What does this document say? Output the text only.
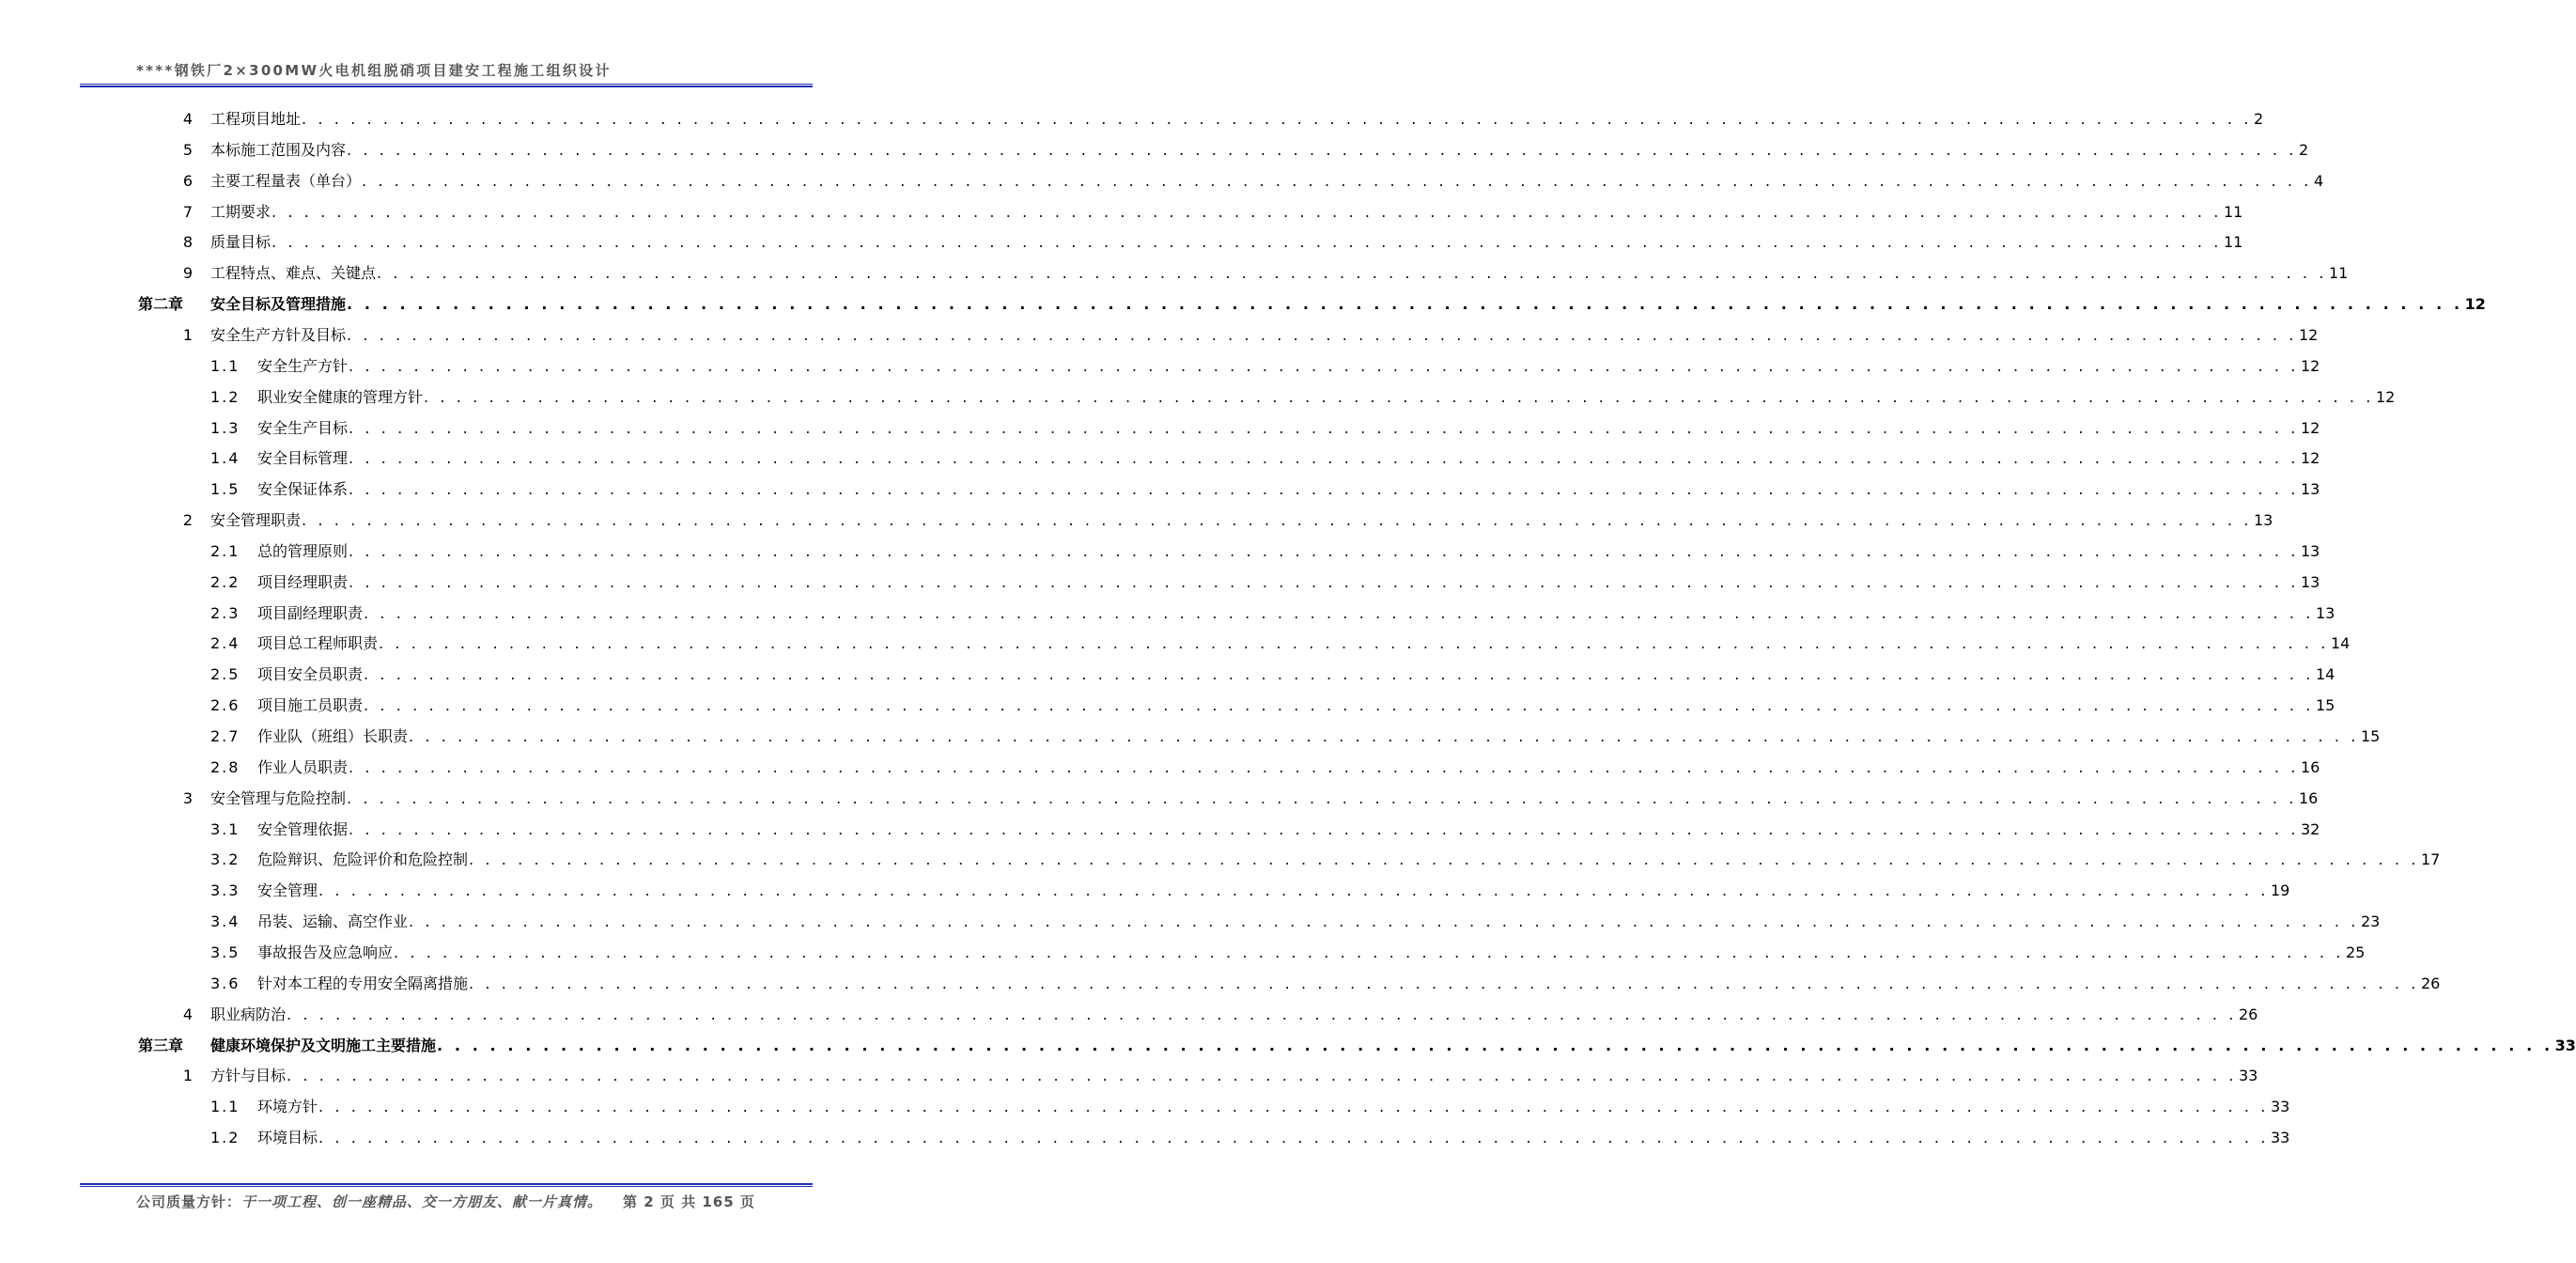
****钢铁厂2×300MW火电机组脱硝项目建安工程施工组织设计
4 工程项目地址 . . . . . . . . . . . . . . . . . . . . . . . . . . . . . . . . . . . . . . . . . . . . . . . . . . . . . . . . . . . . . . . . . . . . . . . . . . . . . . . . . . . . . . . . . . . . . . . . . . . . . . . . . . . . . . . . . . . . . . . . 2
5 本标施工范围及内容 . . . . . . . . . . . . . . . . . . . . . . . . . . . . . . . . . . . . . . . . . . . . . . . . . . . . . . . . . . . . . . . . . . . . . . . . . . . . . . . . . . . . . . . . . . . . . . . . . . . . . . . . . . . . . . . . . . . . . . . . 2
6 主要工程量表（单台） . . . . . . . . . . . . . . . . . . . . . . . . . . . . . . . . . . . . . . . . . . . . . . . . . . . . . . . . . . . . . . . . . . . . . . . . . . . . . . . . . . . . . . . . . . . . . . . . . . . . . . . . . . . . . . . . . . . . . . . . 4
7 工期要求 . . . . . . . . . . . . . . . . . . . . . . . . . . . . . . . . . . . . . . . . . . . . . . . . . . . . . . . . . . . . . . . . . . . . . . . . . . . . . . . . . . . . . . . . . . . . . . . . . . . . . . . . . . . . . . . . . . . . . . . . 11
8 质量目标 . . . . . . . . . . . . . . . . . . . . . . . . . . . . . . . . . . . . . . . . . . . . . . . . . . . . . . . . . . . . . . . . . . . . . . . . . . . . . . . . . . . . . . . . . . . . . . . . . . . . . . . . . . . . . . . . . . . . . . . . 11
9 工程特点、难点、关键点 . . . . . . . . . . . . . . . . . . . . . . . . . . . . . . . . . . . . . . . . . . . . . . . . . . . . . . . . . . . . . . . . . . . . . . . . . . . . . . . . . . . . . . . . . . . . . . . . . . . . . . . . . . . . . . . . . . . . . . . . 11
第二章 安全目标及管理措施 . . . . . . . . . . . . . . . . . . . . . . . . . . . . . . . . . . . . . . . . . . . . . . . . . . . . . . . . . . . . . . . . . . . . . . . . . . . . . . . . . . . . . . . . . . . . . . . . . . . . . . . . . . . . . . . . . . . . . . . . 12
1 安全生产方针及目标 . . . . . . . . . . . . . . . . . . . . . . . . . . . . . . . . . . . . . . . . . . . . . . . . . . . . . . . . . . . . . . . . . . . . . . . . . . . . . . . . . . . . . . . . . . . . . . . . . . . . . . . . . . . . . . . . . . . . . . . . 12
1.1 安全生产方针 . . . . . . . . . . . . . . . . . . . . . . . . . . . . . . . . . . . . . . . . . . . . . . . . . . . . . . . . . . . . . . . . . . . . . . . . . . . . . . . . . . . . . . . . . . . . . . . . . . . . . . . . . . . . . . . . . . . . . . . . 12
1.2 职业安全健康的管理方针 . . . . . . . . . . . . . . . . . . . . . . . . . . . . . . . . . . . . . . . . . . . . . . . . . . . . . . . . . . . . . . . . . . . . . . . . . . . . . . . . . . . . . . . . . . . . . . . . . . . . . . . . . . . . . . . . . . . . . . . . 12
1.3 安全生产目标 . . . . . . . . . . . . . . . . . . . . . . . . . . . . . . . . . . . . . . . . . . . . . . . . . . . . . . . . . . . . . . . . . . . . . . . . . . . . . . . . . . . . . . . . . . . . . . . . . . . . . . . . . . . . . . . . . . . . . . . . 12
1.4 安全目标管理 . . . . . . . . . . . . . . . . . . . . . . . . . . . . . . . . . . . . . . . . . . . . . . . . . . . . . . . . . . . . . . . . . . . . . . . . . . . . . . . . . . . . . . . . . . . . . . . . . . . . . . . . . . . . . . . . . . . . . . . . 12
1.5 安全保证体系 . . . . . . . . . . . . . . . . . . . . . . . . . . . . . . . . . . . . . . . . . . . . . . . . . . . . . . . . . . . . . . . . . . . . . . . . . . . . . . . . . . . . . . . . . . . . . . . . . . . . . . . . . . . . . . . . . . . . . . . . 13
2 安全管理职责 . . . . . . . . . . . . . . . . . . . . . . . . . . . . . . . . . . . . . . . . . . . . . . . . . . . . . . . . . . . . . . . . . . . . . . . . . . . . . . . . . . . . . . . . . . . . . . . . . . . . . . . . . . . . . . . . . . . . . . . . 13
2.1 总的管理原则 . . . . . . . . . . . . . . . . . . . . . . . . . . . . . . . . . . . . . . . . . . . . . . . . . . . . . . . . . . . . . . . . . . . . . . . . . . . . . . . . . . . . . . . . . . . . . . . . . . . . . . . . . . . . . . . . . . . . . . . . 13
2.2 项目经理职责 . . . . . . . . . . . . . . . . . . . . . . . . . . . . . . . . . . . . . . . . . . . . . . . . . . . . . . . . . . . . . . . . . . . . . . . . . . . . . . . . . . . . . . . . . . . . . . . . . . . . . . . . . . . . . . . . . . . . . . . . 13
2.3 项目副经理职责 . . . . . . . . . . . . . . . . . . . . . . . . . . . . . . . . . . . . . . . . . . . . . . . . . . . . . . . . . . . . . . . . . . . . . . . . . . . . . . . . . . . . . . . . . . . . . . . . . . . . . . . . . . . . . . . . . . . . . . . . 13
2.4 项目总工程师职责 . . . . . . . . . . . . . . . . . . . . . . . . . . . . . . . . . . . . . . . . . . . . . . . . . . . . . . . . . . . . . . . . . . . . . . . . . . . . . . . . . . . . . . . . . . . . . . . . . . . . . . . . . . . . . . . . . . . . . . . . 14
2.5 项目安全员职责 . . . . . . . . . . . . . . . . . . . . . . . . . . . . . . . . . . . . . . . . . . . . . . . . . . . . . . . . . . . . . . . . . . . . . . . . . . . . . . . . . . . . . . . . . . . . . . . . . . . . . . . . . . . . . . . . . . . . . . . . 14
2.6 项目施工员职责 . . . . . . . . . . . . . . . . . . . . . . . . . . . . . . . . . . . . . . . . . . . . . . . . . . . . . . . . . . . . . . . . . . . . . . . . . . . . . . . . . . . . . . . . . . . . . . . . . . . . . . . . . . . . . . . . . . . . . . . . 15
2.7 作业队（班组）长职责 . . . . . . . . . . . . . . . . . . . . . . . . . . . . . . . . . . . . . . . . . . . . . . . . . . . . . . . . . . . . . . . . . . . . . . . . . . . . . . . . . . . . . . . . . . . . . . . . . . . . . . . . . . . . . . . . . . . . . . . . 15
2.8 作业人员职责 . . . . . . . . . . . . . . . . . . . . . . . . . . . . . . . . . . . . . . . . . . . . . . . . . . . . . . . . . . . . . . . . . . . . . . . . . . . . . . . . . . . . . . . . . . . . . . . . . . . . . . . . . . . . . . . . . . . . . . . . 16
3 安全管理与危险控制 . . . . . . . . . . . . . . . . . . . . . . . . . . . . . . . . . . . . . . . . . . . . . . . . . . . . . . . . . . . . . . . . . . . . . . . . . . . . . . . . . . . . . . . . . . . . . . . . . . . . . . . . . . . . . . . . . . . . . . . . 16
3.1 安全管理依据 . . . . . . . . . . . . . . . . . . . . . . . . . . . . . . . . . . . . . . . . . . . . . . . . . . . . . . . . . . . . . . . . . . . . . . . . . . . . . . . . . . . . . . . . . . . . . . . . . . . . . . . . . . . . . . . . . . . . . . . . 32
3.2 危险辩识、危险评价和危险控制 . . . . . . . . . . . . . . . . . . . . . . . . . . . . . . . . . . . . . . . . . . . . . . . . . . . . . . . . . . . . . . . . . . . . . . . . . . . . . . . . . . . . . . . . . . . . . . . . . . . . . . . . . . . . . . . . . . . . . . . . 17
3.3 安全管理 . . . . . . . . . . . . . . . . . . . . . . . . . . . . . . . . . . . . . . . . . . . . . . . . . . . . . . . . . . . . . . . . . . . . . . . . . . . . . . . . . . . . . . . . . . . . . . . . . . . . . . . . . . . . . . . . . . . . . . . . 19
3.4 吊装、运输、高空作业 . . . . . . . . . . . . . . . . . . . . . . . . . . . . . . . . . . . . . . . . . . . . . . . . . . . . . . . . . . . . . . . . . . . . . . . . . . . . . . . . . . . . . . . . . . . . . . . . . . . . . . . . . . . . . . . . . . . . . . . . 23
3.5 事故报告及应急响应 . . . . . . . . . . . . . . . . . . . . . . . . . . . . . . . . . . . . . . . . . . . . . . . . . . . . . . . . . . . . . . . . . . . . . . . . . . . . . . . . . . . . . . . . . . . . . . . . . . . . . . . . . . . . . . . . . . . . . . . . 25
3.6 针对本工程的专用安全隔离措施 . . . . . . . . . . . . . . . . . . . . . . . . . . . . . . . . . . . . . . . . . . . . . . . . . . . . . . . . . . . . . . . . . . . . . . . . . . . . . . . . . . . . . . . . . . . . . . . . . . . . . . . . . . . . . . . . . . . . . . . . 26
4 职业病防治 . . . . . . . . . . . . . . . . . . . . . . . . . . . . . . . . . . . . . . . . . . . . . . . . . . . . . . . . . . . . . . . . . . . . . . . . . . . . . . . . . . . . . . . . . . . . . . . . . . . . . . . . . . . . . . . . . . . . . . . . 26
第三章 健康环境保护及文明施工主要措施 . . . . . . . . . . . . . . . . . . . . . . . . . . . . . . . . . . . . . . . . . . . . . . . . . . . . . . . . . . . . . . . . . . . . . . . . . . . . . . . . . . . . . . . . . . . . . . . . . . . . . . . . . . . . . . . . . . . . . . . . 33
1 方针与目标 . . . . . . . . . . . . . . . . . . . . . . . . . . . . . . . . . . . . . . . . . . . . . . . . . . . . . . . . . . . . . . . . . . . . . . . . . . . . . . . . . . . . . . . . . . . . . . . . . . . . . . . . . . . . . . . . . . . . . . . . 33
1.1 环境方针 . . . . . . . . . . . . . . . . . . . . . . . . . . . . . . . . . . . . . . . . . . . . . . . . . . . . . . . . . . . . . . . . . . . . . . . . . . . . . . . . . . . . . . . . . . . . . . . . . . . . . . . . . . . . . . . . . . . . . . . . 33
1.2 环境目标 . . . . . . . . . . . . . . . . . . . . . . . . . . . . . . . . . . . . . . . . . . . . . . . . . . . . . . . . . . . . . . . . . . . . . . . . . . . . . . . . . . . . . . . . . . . . . . . . . . . . . . . . . . . . . . . . . . . . . . . . 33
公司质量方针：干一项工程、创一座精品、交一方朋友、献一片真情。 第 2 页 共 165 页
